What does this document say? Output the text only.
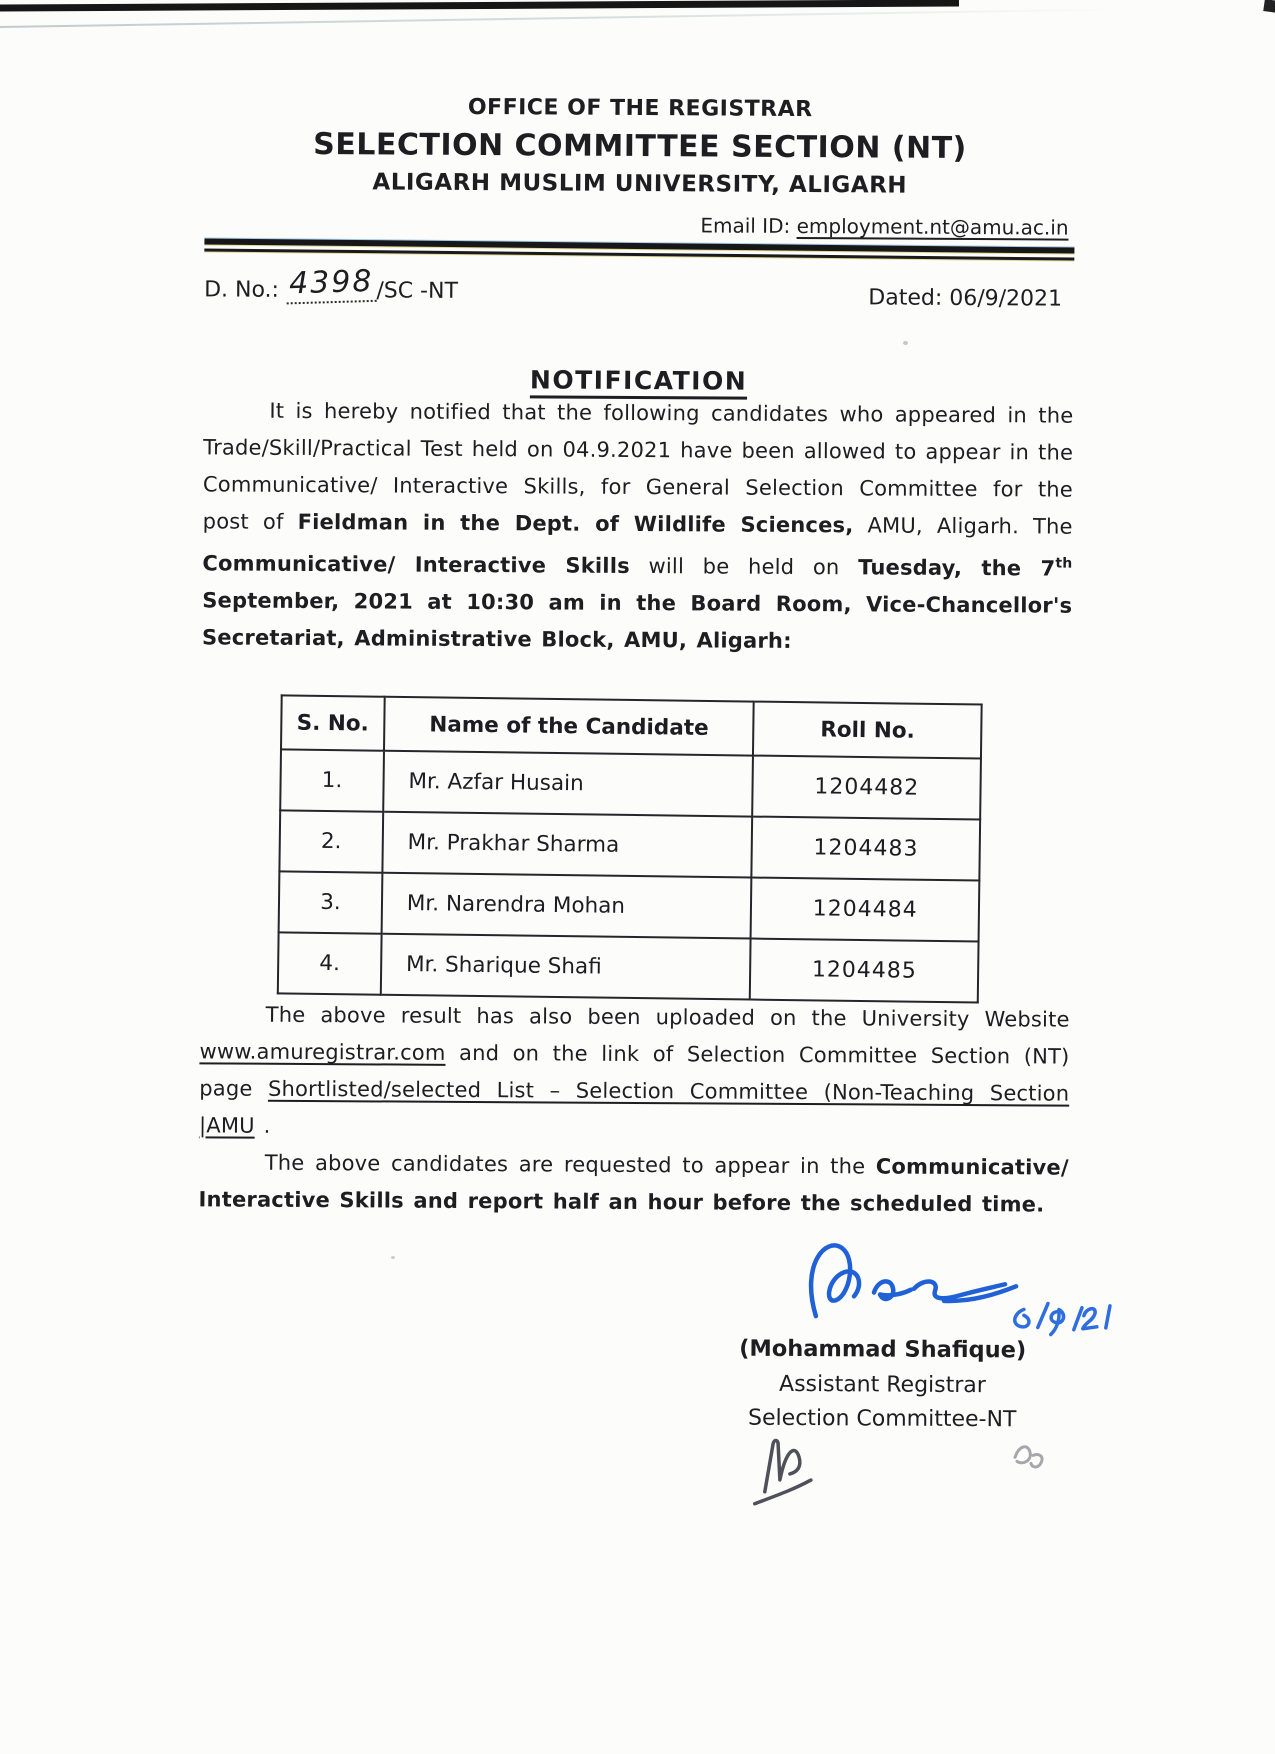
OFFICE OF THE REGISTRAR
SELECTION COMMITTEE SECTION (NT)
ALIGARH MUSLIM UNIVERSITY, ALIGARH
Email ID: employment.nt@amu.ac.in
D. No.: 4398 /SC -NT	Dated: 06/9/2021
NOTIFICATION

It is hereby notified that the following candidates who appeared in the Trade/Skill/Practical Test held on 04.9.2021 have been allowed to appear in the Communicative/ Interactive Skills, for General Selection Committee for the post of Fieldman in the Dept. of Wildlife Sciences, AMU, Aligarh. The Communicative/ Interactive Skills will be held on Tuesday, the 7th September, 2021 at 10:30 am in the Board Room, Vice-Chancellor's Secretariat, Administrative Block, AMU, Aligarh:

S. No.	Name of the Candidate	Roll No.
1.	Mr. Azfar Husain	1204482
2.	Mr. Prakhar Sharma	1204483
3.	Mr. Narendra Mohan	1204484
4.	Mr. Sharique Shafi	1204485

The above result has also been uploaded on the University Website www.amuregistrar.com and on the link of Selection Committee Section (NT) page Shortlisted/selected List – Selection Committee (Non-Teaching Section |AMU .

The above candidates are requested to appear in the Communicative/ Interactive Skills and report half an hour before the scheduled time.

(Mohammad Shafique)
Assistant Registrar
Selection Committee-NT
